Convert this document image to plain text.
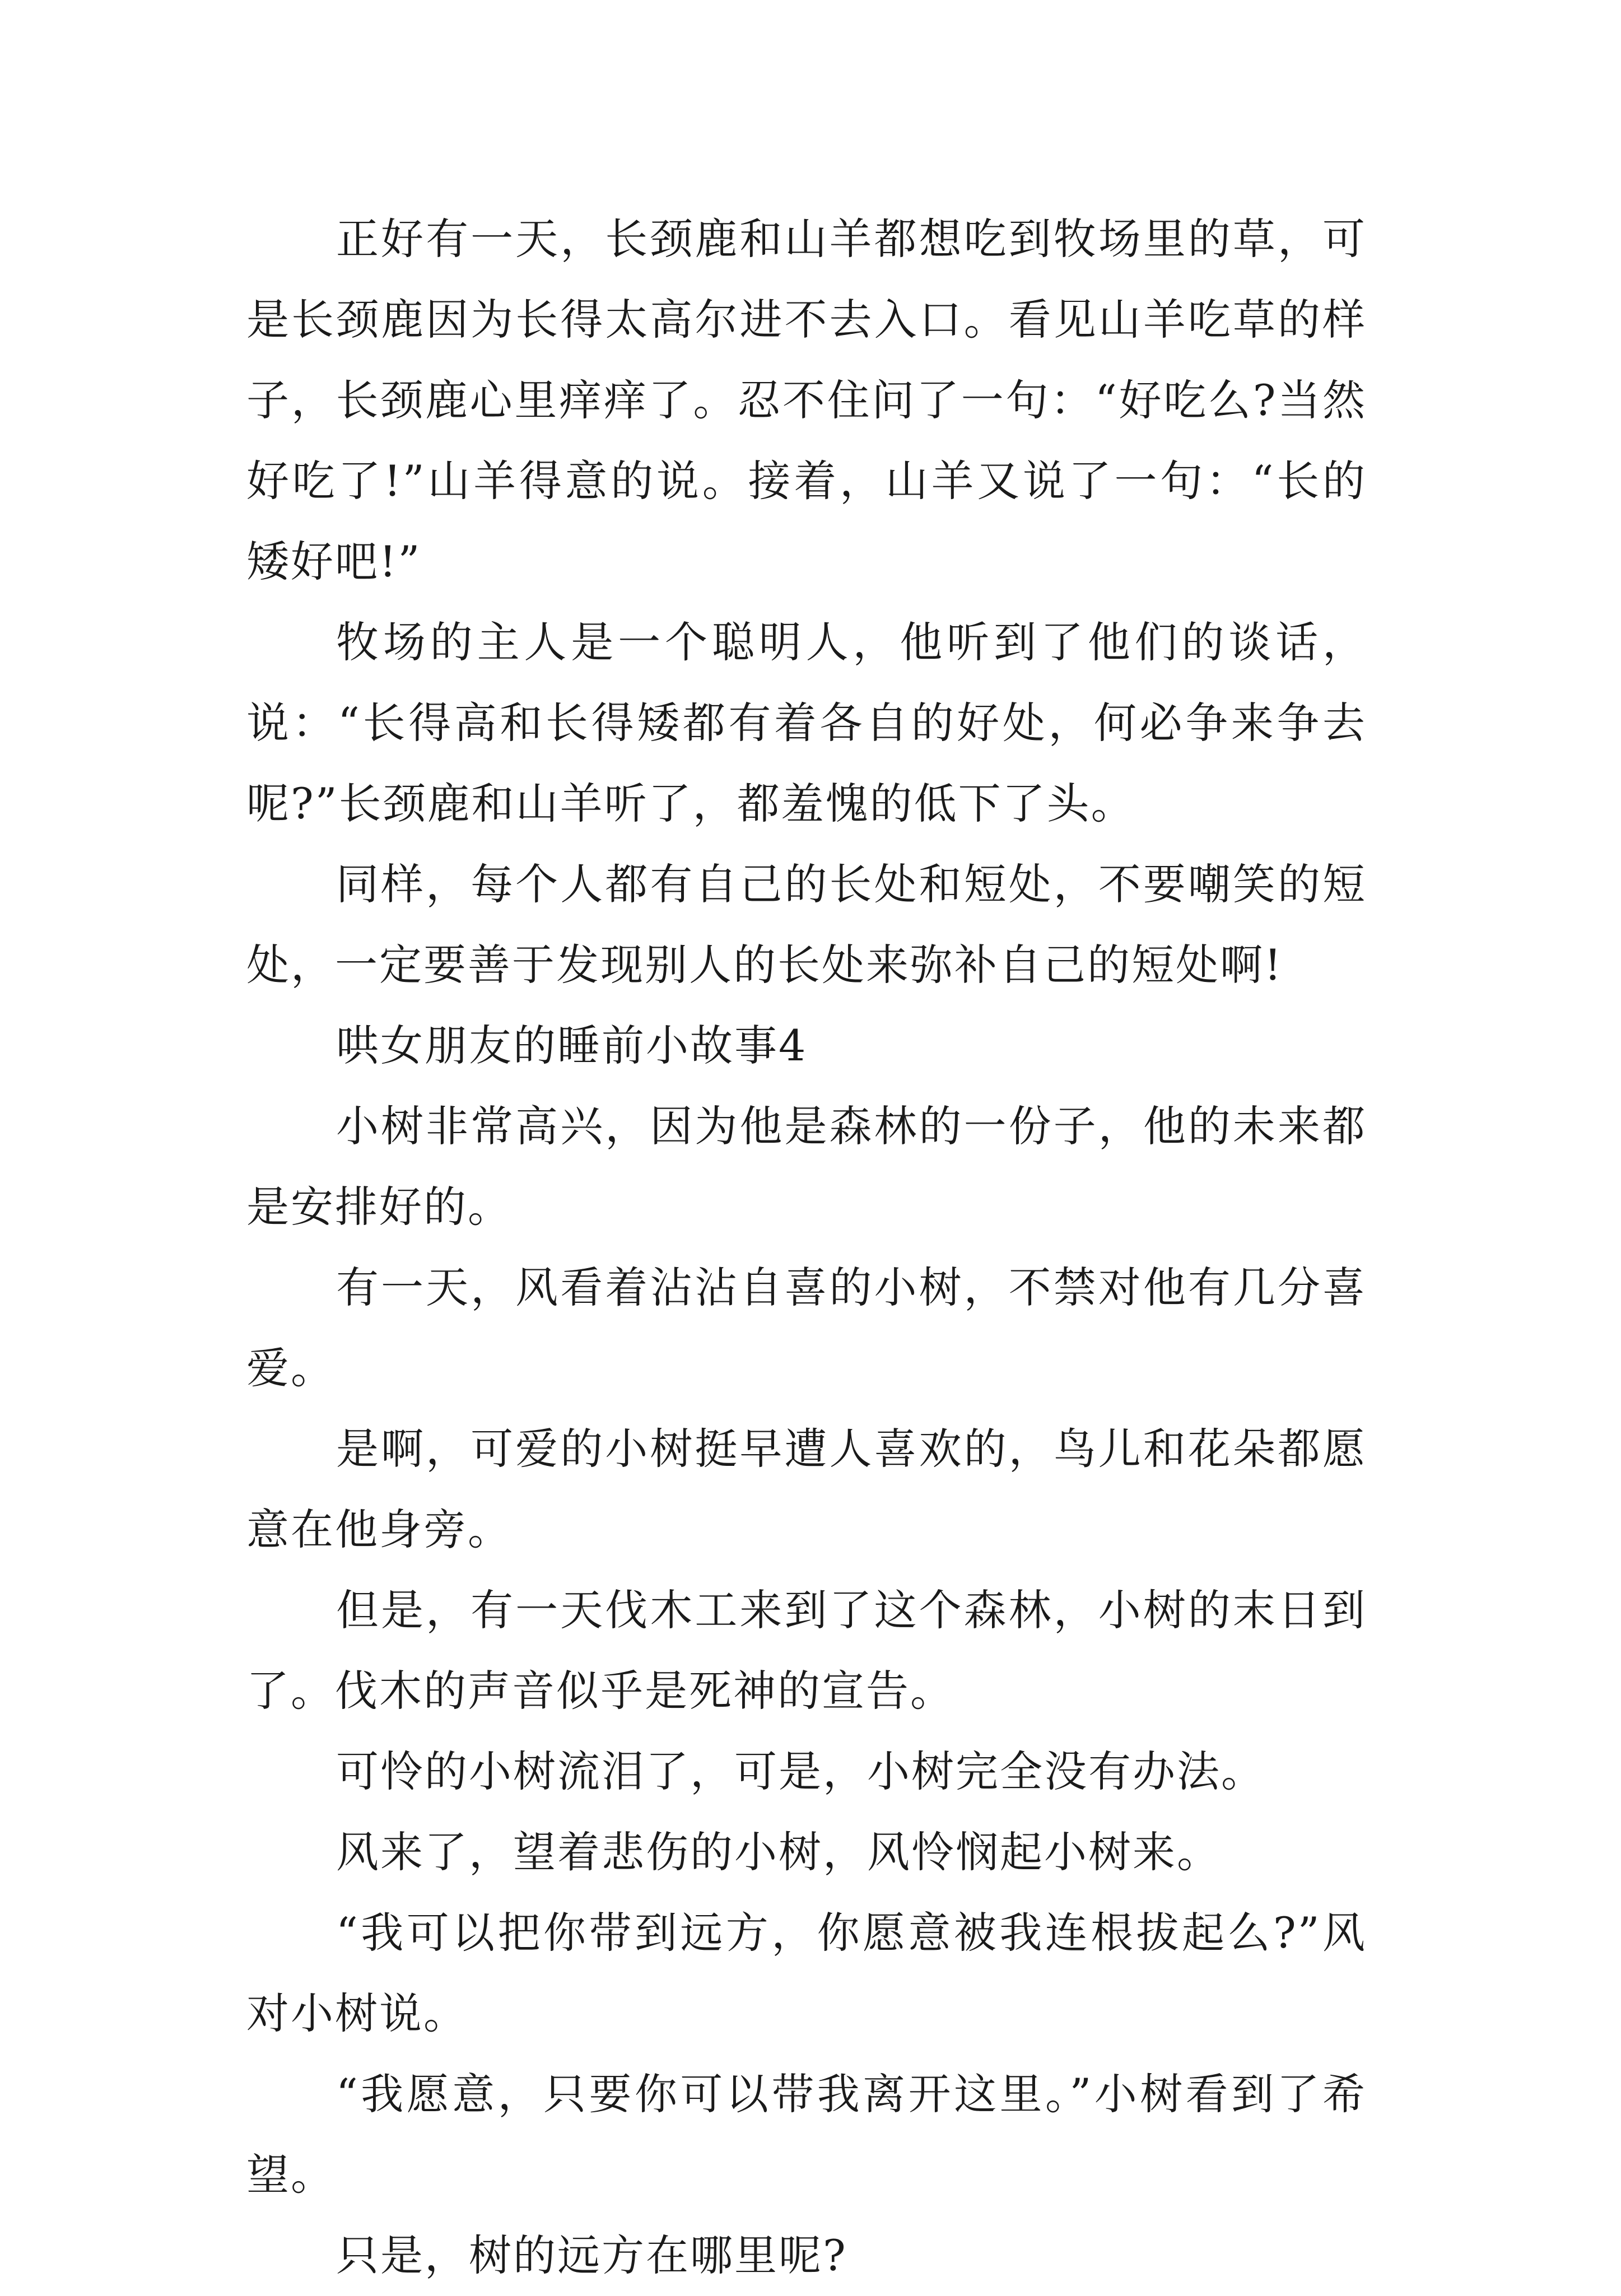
正好有一天，长颈鹿和山羊都想吃到牧场里的草，可是长颈鹿因为长得太高尔进不去入口。看见山羊吃草的样子，长颈鹿心里痒痒了。忍不住问了一句：“好吃么?当然好吃了!”山羊得意的说。接着，山羊又说了一句：“长的矮好吧!”

牧场的主人是一个聪明人，他听到了他们的谈话，说：“长得高和长得矮都有着各自的好处，何必争来争去呢?”长颈鹿和山羊听了，都羞愧的低下了头。

同样，每个人都有自己的长处和短处，不要嘲笑的短处，一定要善于发现别人的长处来弥补自己的短处啊!

哄女朋友的睡前小故事4

小树非常高兴，因为他是森林的一份子，他的未来都是安排好的。

有一天，风看着沾沾自喜的小树，不禁对他有几分喜爱。

是啊，可爱的小树挺早遭人喜欢的，鸟儿和花朵都愿意在他身旁。

但是，有一天伐木工来到了这个森林，小树的末日到了。伐木的声音似乎是死神的宣告。

可怜的小树流泪了，可是，小树完全没有办法。

风来了，望着悲伤的小树，风怜悯起小树来。

“我可以把你带到远方，你愿意被我连根拔起么?”风对小树说。

“我愿意，只要你可以带我离开这里。”小树看到了希望。

只是，树的远方在哪里呢?
